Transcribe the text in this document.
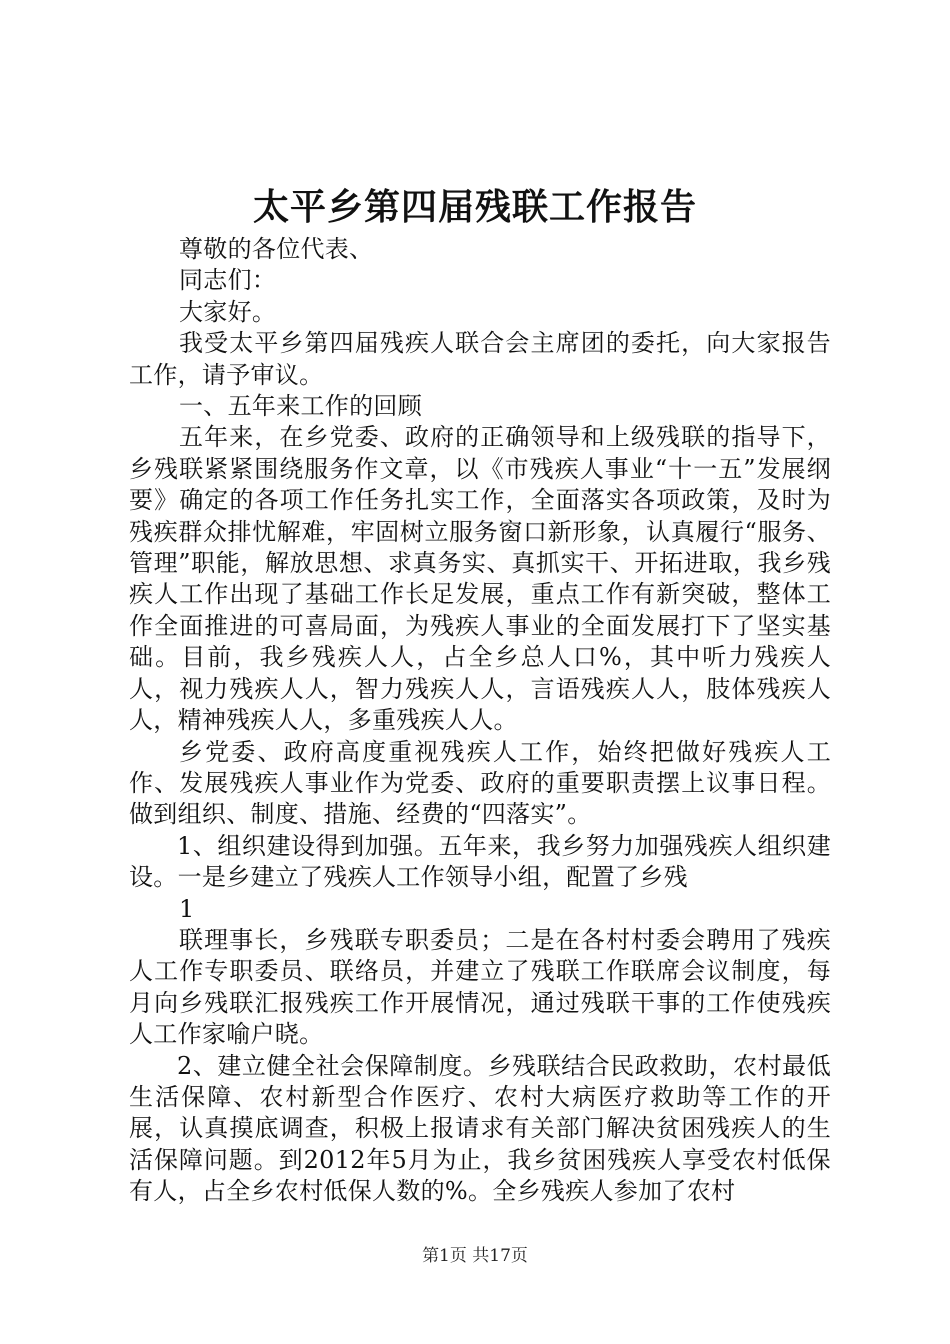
太平乡第四届残联工作报告

尊敬的各位代表、

同志们：

大家好。

我受太平乡第四届残疾人联合会主席团的委托，向大家报告工作，请予审议。

一、五年来工作的回顾

五年来，在乡党委、政府的正确领导和上级残联的指导下，乡残联紧紧围绕服务作文章，以《市残疾人事业“十一五”发展纲要》确定的各项工作任务扎实工作，全面落实各项政策，及时为残疾群众排忧解难，牢固树立服务窗口新形象，认真履行“服务、管理”职能，解放思想、求真务实、真抓实干、开拓进取，我乡残疾人工作出现了基础工作长足发展，重点工作有新突破，整体工作全面推进的可喜局面，为残疾人事业的全面发展打下了坚实基础。目前，我乡残疾人人，占全乡总人口%，其中听力残疾人人，视力残疾人人，智力残疾人人，言语残疾人人，肢体残疾人人，精神残疾人人，多重残疾人人。

乡党委、政府高度重视残疾人工作，始终把做好残疾人工作、发展残疾人事业作为党委、政府的重要职责摆上议事日程。做到组织、制度、措施、经费的“四落实”。

1、组织建设得到加强。五年来，我乡努力加强残疾人组织建设。一是乡建立了残疾人工作领导小组，配置了乡残

1

联理事长，乡残联专职委员；二是在各村村委会聘用了残疾人工作专职委员、联络员，并建立了残联工作联席会议制度，每月向乡残联汇报残疾工作开展情况，通过残联干事的工作使残疾人工作家喻户晓。

2、建立健全社会保障制度。乡残联结合民政救助，农村最低生活保障、农村新型合作医疗、农村大病医疗救助等工作的开展，认真摸底调查，积极上报请求有关部门解决贫困残疾人的生活保障问题。到2012年5月为止，我乡贫困残疾人享受农村低保有人，占全乡农村低保人数的%。全乡残疾人参加了农村

第1页 共17页
